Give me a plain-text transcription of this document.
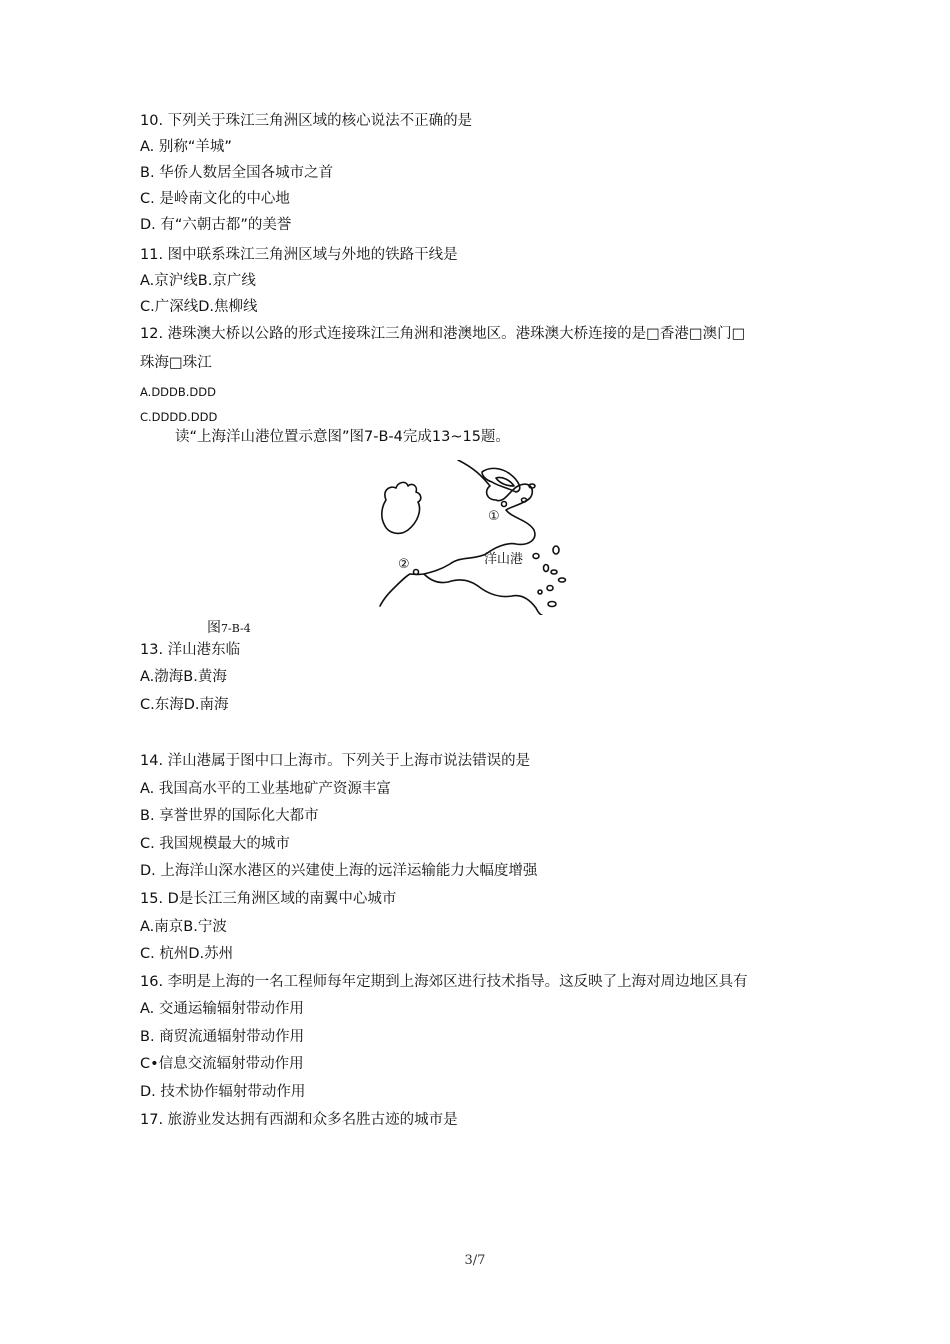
10. 下列关于珠江三角洲区域的核心说法不正确的是
A. 别称“羊城”
B. 华侨人数居全国各城市之首
C. 是岭南文化的中心地
D. 有“六朝古都”的美誉
11. 图中联系珠江三角洲区域与外地的铁路干线是
A.京沪线B.京广线
C.广深线D.焦柳线
12. 港珠澳大桥以公路的形式连接珠江三角洲和港澳地区。港珠澳大桥连接的是□香港□澳门□
珠海□珠江
A.DDDB.DDD
C.DDDD.DDD
读“上海洋山港位置示意图”图7-B-4完成13~15题。
①
②	洋山港
图7-B-4
13. 洋山港东临
A.渤海B.黄海
C.东海D.南海
14. 洋山港属于图中口上海市。下列关于上海市说法错误的是
A. 我国高水平的工业基地矿产资源丰富
B. 享誉世界的国际化大都市
C. 我国规模最大的城市
D. 上海洋山深水港区的兴建使上海的远洋运输能力大幅度增强
15. D是长江三角洲区域的南翼中心城市
A.南京B.宁波
C. 杭州D.苏州
16. 李明是上海的一名工程师每年定期到上海郊区进行技术指导。这反映了上海对周边地区具有
A. 交通运输辐射带动作用
B. 商贸流通辐射带动作用
C•信息交流辐射带动作用
D. 技术协作辐射带动作用
17. 旅游业发达拥有西湖和众多名胜古迹的城市是
3/7
